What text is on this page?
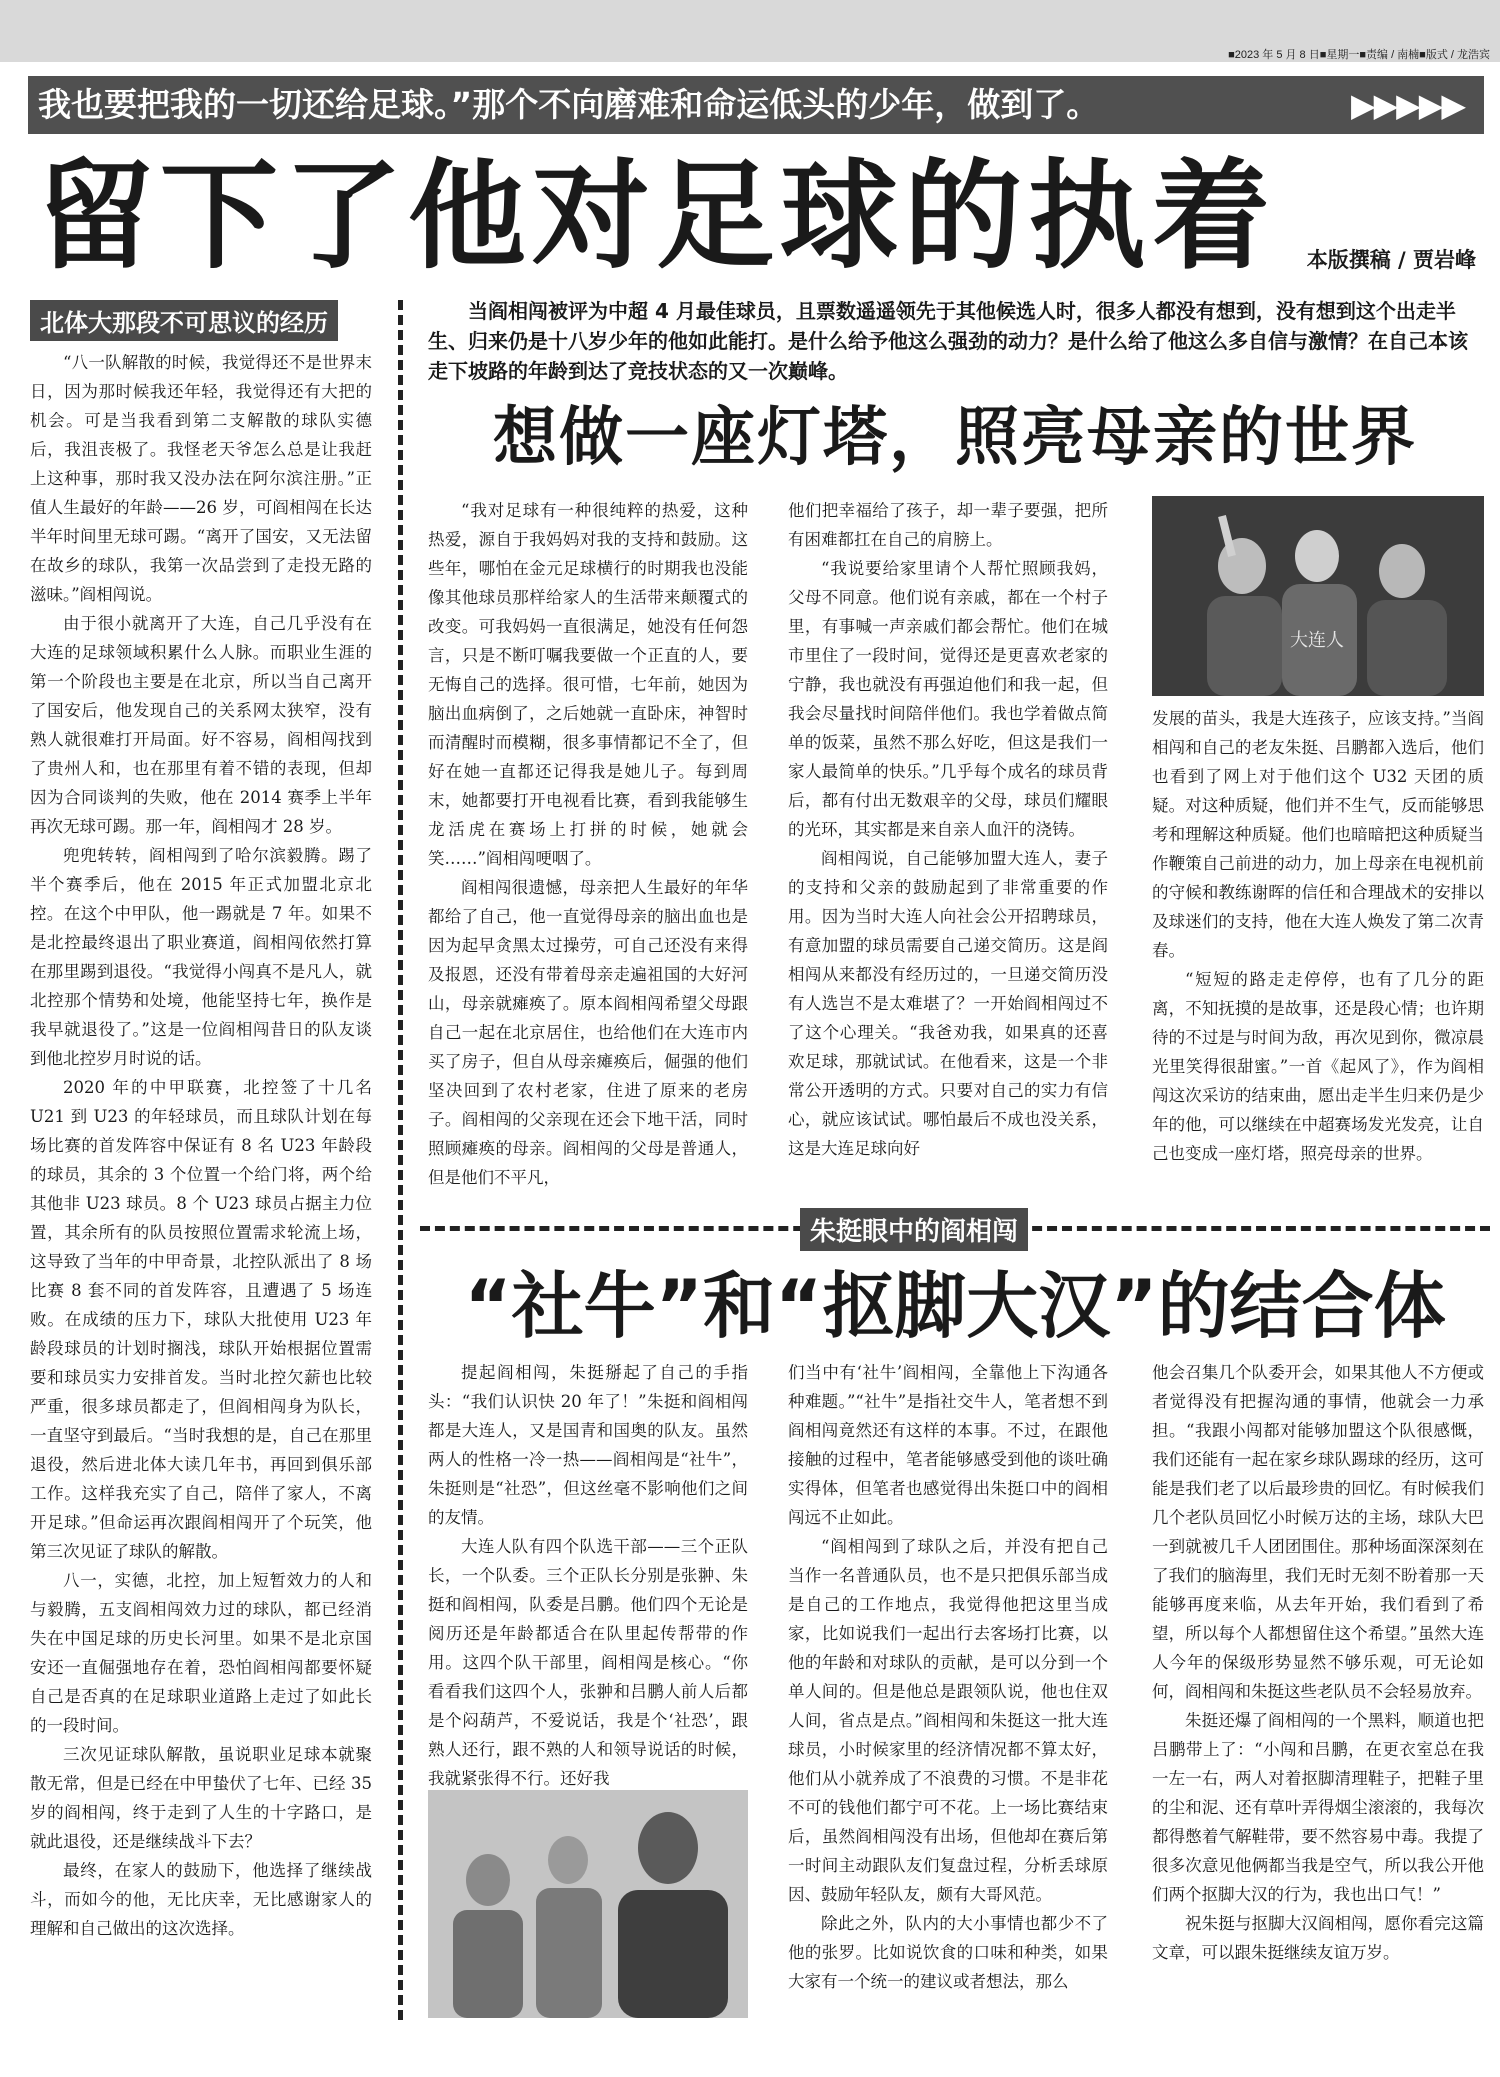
■2023 年 5 月 8 日■星期一■责编 / 南楠■版式 / 龙浩宾
我也要把我的一切还给足球。”那个不向磨难和命运低头的少年，做到了。	▶▶▶▶▶
留下了他对足球的执着 本版撰稿 / 贾岩峰
北体大那段不可思议的经历	当阎相闯被评为中超 4 月最佳球员，且票数遥遥领先于其他候选人时，很多人都没有想到，没有想到这个出走半生、归来仍是十八岁少年的他如此能打。是什么给予他这么强劲的动力？是什么给了他这么多自信与激情？在自己本该走下坡路的年龄到达了竞技状态的又一次巅峰。
想做一座灯塔，照亮母亲的世界

“八一队解散的时候，我觉得还不是世界末日，因为那时候我还年轻，我觉得还有大把的机会。可是当我看到第二支解散的球队实德后，我沮丧极了。我怪老天爷怎么总是让我赶上这种事，那时我又没办法在阿尔滨注册。”正值人生最好的年龄——26 岁，可阎相闯在长达半年时间里无球可踢。“离开了国安，又无法留在故乡的球队，我第一次品尝到了走投无路的滋味。”阎相闯说。

由于很小就离开了大连，自己几乎没有在大连的足球领域积累什么人脉。而职业生涯的第一个阶段也主要是在北京，所以当自己离开了国安后，他发现自己的关系网太狭窄，没有熟人就很难打开局面。好不容易，阎相闯找到了贵州人和，也在那里有着不错的表现，但却因为合同谈判的失败，他在 2014 赛季上半年再次无球可踢。那一年，阎相闯才 28 岁。

兜兜转转，阎相闯到了哈尔滨毅腾。踢了半个赛季后，他在 2015 年正式加盟北京北控。在这个中甲队，他一踢就是 7 年。如果不是北控最终退出了职业赛道，阎相闯依然打算在那里踢到退役。“我觉得小闯真不是凡人，就北控那个情势和处境，他能坚持七年，换作是我早就退役了。”这是一位阎相闯昔日的队友谈到他北控岁月时说的话。

2020 年的中甲联赛，北控签了十几名 U21 到 U23 的年轻球员，而且球队计划在每场比赛的首发阵容中保证有 8 名 U23 年龄段的球员，其余的 3 个位置一个给门将，两个给其他非 U23 球员。8 个 U23 球员占据主力位置，其余所有的队员按照位置需求轮流上场，这导致了当年的中甲奇景，北控队派出了 8 场比赛 8 套不同的首发阵容，且遭遇了 5 场连败。在成绩的压力下，球队大批使用 U23 年龄段球员的计划时搁浅，球队开始根据位置需要和球员实力安排首发。当时北控欠薪也比较严重，很多球员都走了，但阎相闯身为队长，一直坚守到最后。“当时我想的是，自己在那里退役，然后进北体大读几年书，再回到俱乐部工作。这样我充实了自己，陪伴了家人，不离开足球。”但命运再次跟阎相闯开了个玩笑，他第三次见证了球队的解散。

八一，实德，北控，加上短暂效力的人和与毅腾，五支阎相闯效力过的球队，都已经消失在中国足球的历史长河里。如果不是北京国安还一直倔强地存在着，恐怕阎相闯都要怀疑自己是否真的在足球职业道路上走过了如此长的一段时间。

三次见证球队解散，虽说职业足球本就聚散无常，但是已经在中甲蛰伏了七年、已经 35 岁的阎相闯，终于走到了人生的十字路口，是就此退役，还是继续战斗下去？

最终，在家人的鼓励下，他选择了继续战斗，而如今的他，无比庆幸，无比感谢家人的理解和自己做出的这次选择。

“我对足球有一种很纯粹的热爱，这种热爱，源自于我妈妈对我的支持和鼓励。这些年，哪怕在金元足球横行的时期我也没能像其他球员那样给家人的生活带来颠覆式的改变。可我妈妈一直很满足，她没有任何怨言，只是不断叮嘱我要做一个正直的人，要无悔自己的选择。很可惜，七年前，她因为脑出血病倒了，之后她就一直卧床，神智时而清醒时而模糊，很多事情都记不全了，但好在她一直都还记得我是她儿子。每到周末，她都要打开电视看比赛，看到我能够生龙活虎在赛场上打拼的时候，她就会笑……”阎相闯哽咽了。

阎相闯很遗憾，母亲把人生最好的年华都给了自己，他一直觉得母亲的脑出血也是因为起早贪黑太过操劳，可自己还没有来得及报恩，还没有带着母亲走遍祖国的大好河山，母亲就瘫痪了。原本阎相闯希望父母跟自己一起在北京居住，也给他们在大连市内买了房子，但自从母亲瘫痪后，倔强的他们坚决回到了农村老家，住进了原来的老房子。阎相闯的父亲现在还会下地干活，同时照顾瘫痪的母亲。阎相闯的父母是普通人，但是他们不平凡，

他们把幸福给了孩子，却一辈子要强，把所有困难都扛在自己的肩膀上。

“我说要给家里请个人帮忙照顾我妈，父母不同意。他们说有亲戚，都在一个村子里，有事喊一声亲戚们都会帮忙。他们在城市里住了一段时间，觉得还是更喜欢老家的宁静，我也就没有再强迫他们和我一起，但我会尽量找时间陪伴他们。我也学着做点简单的饭菜，虽然不那么好吃，但这是我们一家人最简单的快乐。”几乎每个成名的球员背后，都有付出无数艰辛的父母，球员们耀眼的光环，其实都是来自亲人血汗的浇铸。

阎相闯说，自己能够加盟大连人，妻子的支持和父亲的鼓励起到了非常重要的作用。因为当时大连人向社会公开招聘球员，有意加盟的球员需要自己递交简历。这是阎相闯从来都没有经历过的，一旦递交简历没有人选岂不是太难堪了？一开始阎相闯过不了这个心理关。“我爸劝我，如果真的还喜欢足球，那就试试。在他看来，这是一个非常公开透明的方式。只要对自己的实力有信心，就应该试试。哪怕最后不成也没关系，这是大连足球向好

大连人

发展的苗头，我是大连孩子，应该支持。”当阎相闯和自己的老友朱挺、吕鹏都入选后，他们也看到了网上对于他们这个 U32 天团的质疑。对这种质疑，他们并不生气，反而能够思考和理解这种质疑。他们也暗暗把这种质疑当作鞭策自己前进的动力，加上母亲在电视机前的守候和教练谢晖的信任和合理战术的安排以及球迷们的支持，他在大连人焕发了第二次青春。

“短短的路走走停停，也有了几分的距离，不知抚摸的是故事，还是段心情；也许期待的不过是与时间为敌，再次见到你，微凉晨光里笑得很甜蜜。”一首《起风了》，作为阎相闯这次采访的结束曲，愿出走半生归来仍是少年的他，可以继续在中超赛场发光发亮，让自己也变成一座灯塔，照亮母亲的世界。

朱挺眼中的阎相闯
“社牛”和“抠脚大汉”的结合体

提起阎相闯，朱挺掰起了自己的手指头：“我们认识快 20 年了！”朱挺和阎相闯都是大连人，又是国青和国奥的队友。虽然两人的性格一冷一热——阎相闯是“社牛”，朱挺则是“社恐”，但这丝毫不影响他们之间的友情。

大连人队有四个队选干部——三个正队长，一个队委。三个正队长分别是张翀、朱挺和阎相闯，队委是吕鹏。他们四个无论是阅历还是年龄都适合在队里起传帮带的作用。这四个队干部里，阎相闯是核心。“你看看我们这四个人，张翀和吕鹏人前人后都是个闷葫芦，不爱说话，我是个‘社恐’，跟熟人还行，跟不熟的人和领导说话的时候，我就紧张得不行。还好我

们当中有‘社牛’阎相闯，全靠他上下沟通各种难题。”“社牛”是指社交牛人，笔者想不到阎相闯竟然还有这样的本事。不过，在跟他接触的过程中，笔者能够感受到他的谈吐确实得体，但笔者也感觉得出朱挺口中的阎相闯远不止如此。

“阎相闯到了球队之后，并没有把自己当作一名普通队员，也不是只把俱乐部当成是自己的工作地点，我觉得他把这里当成家，比如说我们一起出行去客场打比赛，以他的年龄和对球队的贡献，是可以分到一个单人间的。但是他总是跟领队说，他也住双人间，省点是点。”阎相闯和朱挺这一批大连球员，小时候家里的经济情况都不算太好，他们从小就养成了不浪费的习惯。不是非花不可的钱他们都宁可不花。上一场比赛结束后，虽然阎相闯没有出场，但他却在赛后第一时间主动跟队友们复盘过程，分析丢球原因、鼓励年轻队友，颇有大哥风范。

除此之外，队内的大小事情也都少不了他的张罗。比如说饮食的口味和种类，如果大家有一个统一的建议或者想法，那么

他会召集几个队委开会，如果其他人不方便或者觉得没有把握沟通的事情，他就会一力承担。“我跟小闯都对能够加盟这个队很感慨，我们还能有一起在家乡球队踢球的经历，这可能是我们老了以后最珍贵的回忆。有时候我们几个老队员回忆小时候万达的主场，球队大巴一到就被几千人团团围住。那种场面深深刻在了我们的脑海里，我们无时无刻不盼着那一天能够再度来临，从去年开始，我们看到了希望，所以每个人都想留住这个希望。”虽然大连人今年的保级形势显然不够乐观，可无论如何，阎相闯和朱挺这些老队员不会轻易放弃。

朱挺还爆了阎相闯的一个黑料，顺道也把吕鹏带上了：“小闯和吕鹏，在更衣室总在我一左一右，两人对着抠脚清理鞋子，把鞋子里的尘和泥、还有草叶弄得烟尘滚滚的，我每次都得憋着气解鞋带，要不然容易中毒。我提了很多次意见他俩都当我是空气，所以我公开他们两个抠脚大汉的行为，我也出口气！”

祝朱挺与抠脚大汉阎相闯，愿你看完这篇文章，可以跟朱挺继续友谊万岁。
